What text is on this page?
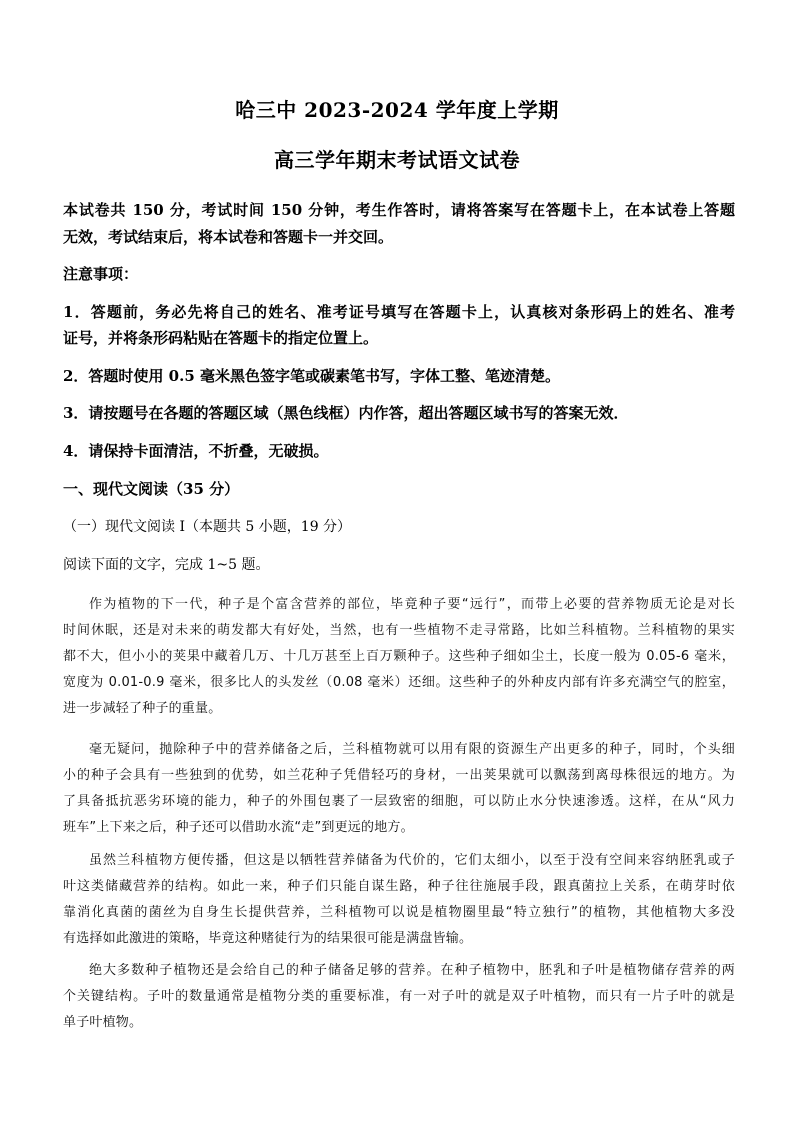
哈三中 2023-2024 学年度上学期
高三学年期末考试语文试卷
本试卷共 150 分，考试时间 150 分钟，考生作答时，请将答案写在答题卡上，在本试卷上答题
无效，考试结束后，将本试卷和答题卡一并交回。
注意事项：
1．答题前，务必先将自己的姓名、准考证号填写在答题卡上，认真核对条形码上的姓名、准考
证号，并将条形码粘贴在答题卡的指定位置上。
2．答题时使用 0.5 毫米黑色签字笔或碳素笔书写，字体工整、笔迹清楚。
3．请按题号在各题的答题区域（黑色线框）内作答，超出答题区域书写的答案无效．
4．请保持卡面清洁，不折叠，无破损。
一、现代文阅读（35 分）
（一）现代文阅读 I（本题共 5 小题，19 分）
阅读下面的文字，完成 1~5 题。
作为植物的下一代，种子是个富含营养的部位，毕竟种子要“远行”，而带上必要的营养物质无论是对长
时间休眠，还是对未来的萌发都大有好处，当然，也有一些植物不走寻常路，比如兰科植物。兰科植物的果实
都不大，但小小的荚果中藏着几万、十几万甚至上百万颗种子。这些种子细如尘土，长度一般为 0.05-6 毫米，
宽度为 0.01-0.9 毫米，很多比人的头发丝（0.08 毫米）还细。这些种子的外种皮内部有许多充满空气的腔室，
进一步减轻了种子的重量。
毫无疑问，抛除种子中的营养储备之后，兰科植物就可以用有限的资源生产出更多的种子，同时，个头细
小的种子会具有一些独到的优势，如兰花种子凭借轻巧的身材，一出荚果就可以飘荡到离母株很远的地方。为
了具备抵抗恶劣环境的能力，种子的外围包裹了一层致密的细胞，可以防止水分快速渗透。这样，在从“风力
班车”上下来之后，种子还可以借助水流“走”到更远的地方。
虽然兰科植物方便传播，但这是以牺牲营养储备为代价的，它们太细小，以至于没有空间来容纳胚乳或子
叶这类储藏营养的结构。如此一来，种子们只能自谋生路，种子往往施展手段，跟真菌拉上关系，在萌芽时依
靠消化真菌的菌丝为自身生长提供营养，兰科植物可以说是植物圈里最“特立独行”的植物，其他植物大多没
有选择如此激进的策略，毕竟这种赌徒行为的结果很可能是满盘皆输。
绝大多数种子植物还是会给自己的种子储备足够的营养。在种子植物中，胚乳和子叶是植物储存营养的两
个关键结构。子叶的数量通常是植物分类的重要标准，有一对子叶的就是双子叶植物，而只有一片子叶的就是
单子叶植物。
